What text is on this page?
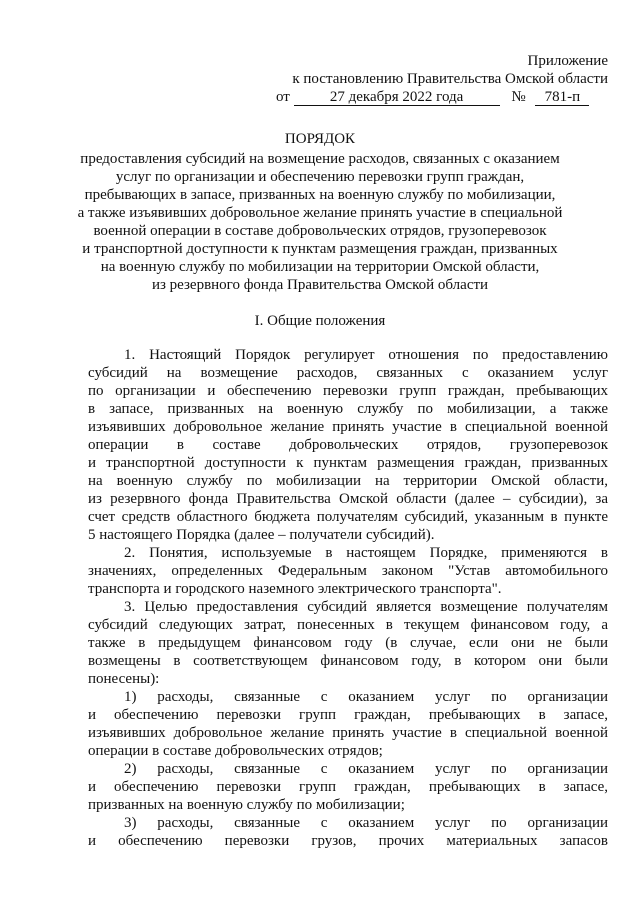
Приложение
к постановлению Правительства Омской области
от	27 декабря 2022 года	№ 781-п
ПОРЯДОК
предоставления субсидий на возмещение расходов, связанных с оказанием
услуг по организации и обеспечению перевозки групп граждан,
пребывающих в запасе, призванных на военную службу по мобилизации,
а также изъявивших добровольное желание принять участие в специальной
военной операции в составе добровольческих отрядов, грузоперевозок
и транспортной доступности к пунктам размещения граждан, призванных
на военную службу по мобилизации на территории Омской области,
из резервного фонда Правительства Омской области
I. Общие положения
1. Настоящий Порядок регулирует отношения по предоставлению
субсидий на возмещение расходов, связанных с оказанием услуг
по организации и обеспечению перевозки групп граждан, пребывающих
в запасе, призванных на военную службу по мобилизации, а также
изъявивших добровольное желание принять участие в специальной военной
операции в составе добровольческих отрядов, грузоперевозок
и транспортной доступности к пунктам размещения граждан, призванных
на военную службу по мобилизации на территории Омской области,
из резервного фонда Правительства Омской области (далее – субсидии), за
счет средств областного бюджета получателям субсидий, указанным в пункте
5 настоящего Порядка (далее – получатели субсидий).
2. Понятия, используемые в настоящем Порядке, применяются в
значениях, определенных Федеральным законом "Устав автомобильного
транспорта и городского наземного электрического транспорта".
3. Целью предоставления субсидий является возмещение получателям
субсидий следующих затрат, понесенных в текущем финансовом году, а
также в предыдущем финансовом году (в случае, если они не были
возмещены в соответствующем финансовом году, в котором они были
понесены):
1) расходы, связанные с оказанием услуг по организации
и обеспечению перевозки групп граждан, пребывающих в запасе,
изъявивших добровольное желание принять участие в специальной военной
операции в составе добровольческих отрядов;
2) расходы, связанные с оказанием услуг по организации
и обеспечению перевозки групп граждан, пребывающих в запасе,
призванных на военную службу по мобилизации;
3) расходы, связанные с оказанием услуг по организации
и обеспечению перевозки грузов, прочих материальных запасов
